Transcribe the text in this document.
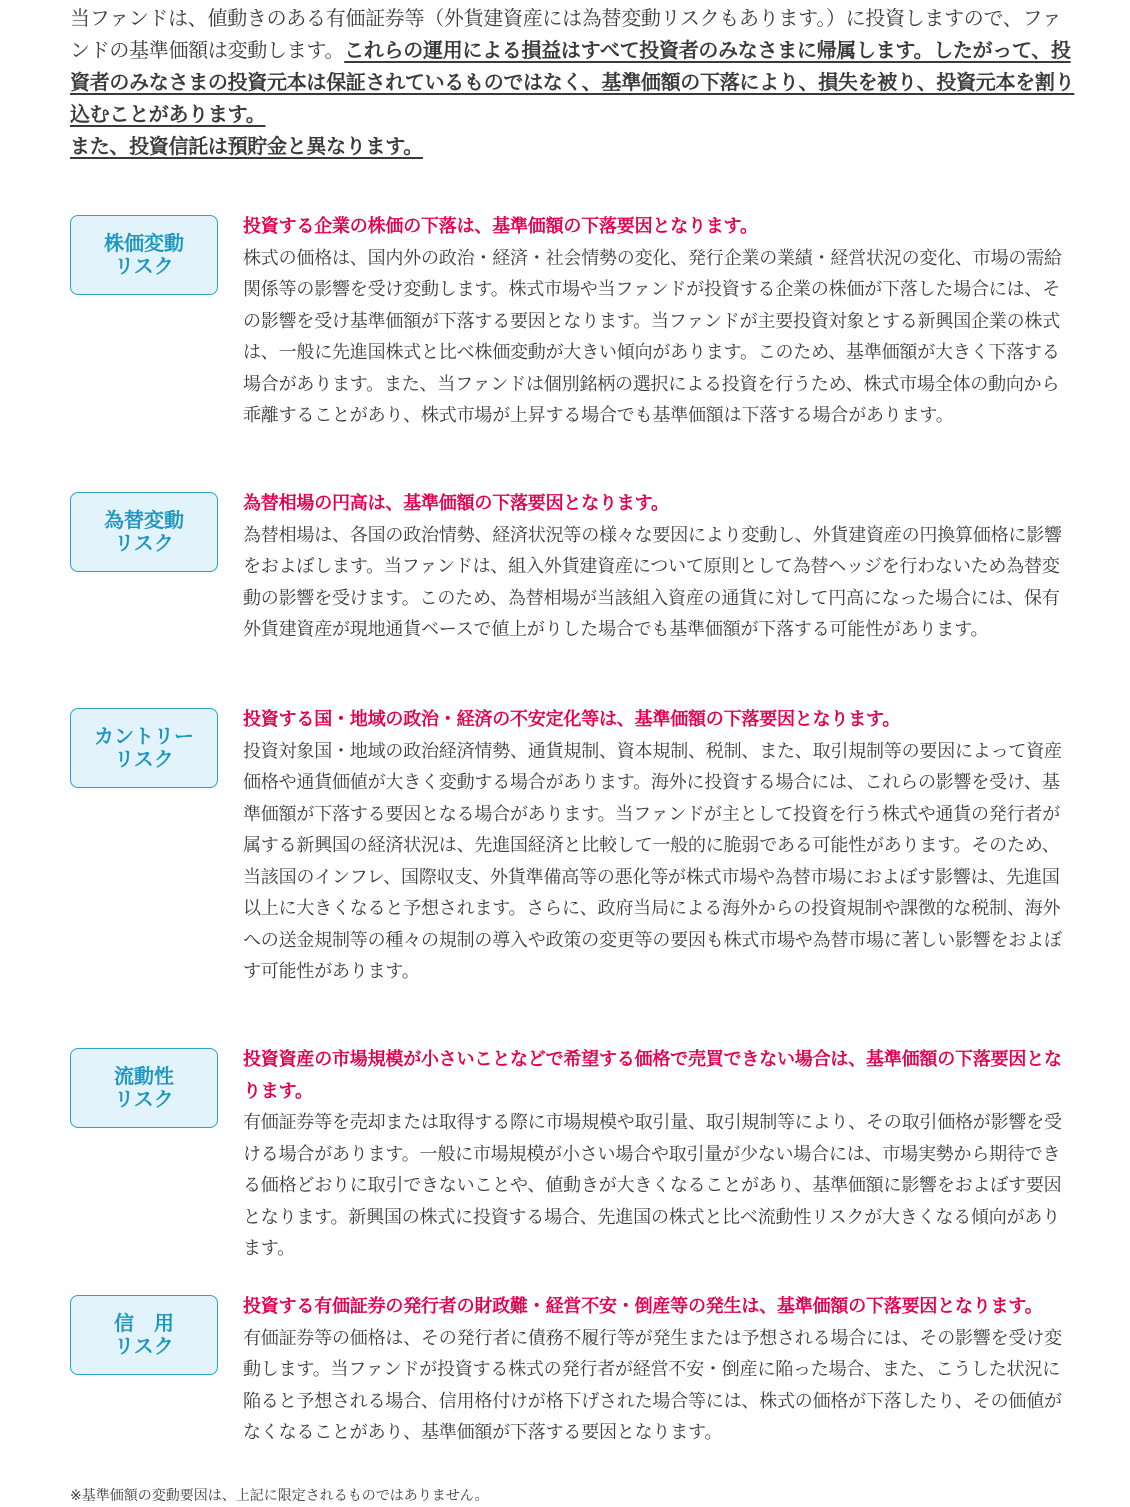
当ファンドは、値動きのある有価証券等（外貨建資産には為替変動リスクもあります。）に投資しますので、ファンドの基準価額は変動します。これらの運用による損益はすべて投資者のみなさまに帰属します。したがって、投資者のみなさまの投資元本は保証されているものではなく、基準価額の下落により、損失を被り、投資元本を割り込むことがあります。

また、投資信託は預貯金と異なります。

株価変動
リスク

投資する企業の株価の下落は、基準価額の下落要因となります。

株式の価格は、国内外の政治・経済・社会情勢の変化、発行企業の業績・経営状況の変化、市場の需給関係等の影響を受け変動します。株式市場や当ファンドが投資する企業の株価が下落した場合には、その影響を受け基準価額が下落する要因となります。当ファンドが主要投資対象とする新興国企業の株式は、一般に先進国株式と比べ株価変動が大きい傾向があります。このため、基準価額が大きく下落する場合があります。また、当ファンドは個別銘柄の選択による投資を行うため、株式市場全体の動向から乖離することがあり、株式市場が上昇する場合でも基準価額は下落する場合があります。

為替変動
リスク

為替相場の円高は、基準価額の下落要因となります。

為替相場は、各国の政治情勢、経済状況等の様々な要因により変動し、外貨建資産の円換算価格に影響をおよぼします。当ファンドは、組入外貨建資産について原則として為替ヘッジを行わないため為替変動の影響を受けます。このため、為替相場が当該組入資産の通貨に対して円高になった場合には、保有外貨建資産が現地通貨ベースで値上がりした場合でも基準価額が下落する可能性があります。

カントリー
リスク

投資する国・地域の政治・経済の不安定化等は、基準価額の下落要因となります。

投資対象国・地域の政治経済情勢、通貨規制、資本規制、税制、また、取引規制等の要因によって資産価格や通貨価値が大きく変動する場合があります。海外に投資する場合には、これらの影響を受け、基準価額が下落する要因となる場合があります。当ファンドが主として投資を行う株式や通貨の発行者が属する新興国の経済状況は、先進国経済と比較して一般的に脆弱である可能性があります。そのため、当該国のインフレ、国際収支、外貨準備高等の悪化等が株式市場や為替市場におよぼす影響は、先進国以上に大きくなると予想されます。さらに、政府当局による海外からの投資規制や課徴的な税制、海外への送金規制等の種々の規制の導入や政策の変更等の要因も株式市場や為替市場に著しい影響をおよぼす可能性があります。

流動性
リスク

投資資産の市場規模が小さいことなどで希望する価格で売買できない場合は、基準価額の下落要因となります。

有価証券等を売却または取得する際に市場規模や取引量、取引規制等により、その取引価格が影響を受ける場合があります。一般に市場規模が小さい場合や取引量が少ない場合には、市場実勢から期待できる価格どおりに取引できないことや、値動きが大きくなることがあり、基準価額に影響をおよぼす要因となります。新興国の株式に投資する場合、先進国の株式と比べ流動性リスクが大きくなる傾向があります。

信　用
リスク

投資する有価証券の発行者の財政難・経営不安・倒産等の発生は、基準価額の下落要因となります。

有価証券等の価格は、その発行者に債務不履行等が発生または予想される場合には、その影響を受け変動します。当ファンドが投資する株式の発行者が経営不安・倒産に陥った場合、また、こうした状況に陥ると予想される場合、信用格付けが格下げされた場合等には、株式の価格が下落したり、その価値がなくなることがあり、基準価額が下落する要因となります。

※基準価額の変動要因は、上記に限定されるものではありません。
